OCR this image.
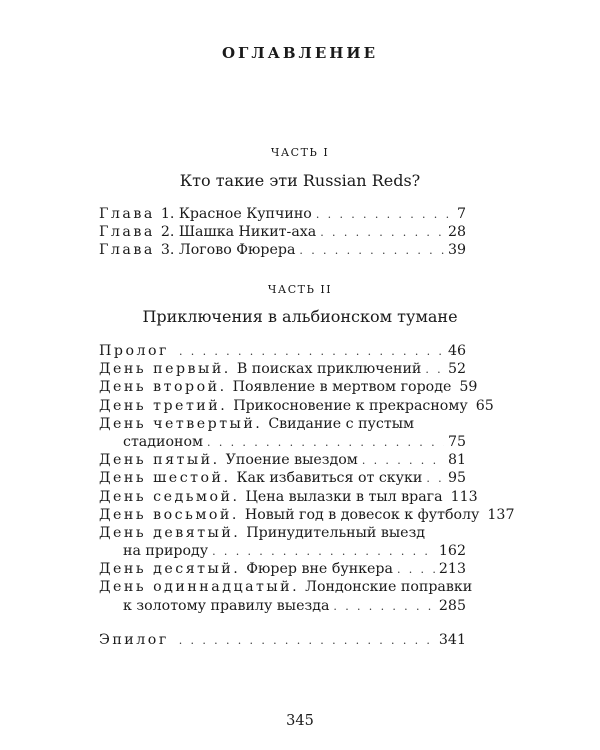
ОГЛАВЛЕНИЕ
ЧАСТЬ I
Кто такие эти Russian Reds?
Глава 1. Красное Купчино . . .	7
Глава 2. Шашка Никит-аха . . .	28
Глава 3. Логово Фюрера . . .	39
ЧАСТЬ II
Приключения в альбионском тумане
Пролог . . .	46
День первый. В поисках приключений . . . 52
День второй. Появление в мертвом городе 59
День третий. Прикосновение к прекрасному 65
День четвертый. Свидание с пустым
стадионом . . .	75
День пятый. Упоение выездом . . .	81
День шестой. Как избавиться от скуки . . . 95
День седьмой. Цена вылазки в тыл врага 113
День восьмой. Новый год в довесок к футболу 137
День девятый. Принудительный выезд
на природу . . .	162
День десятый. Фюрер вне бункера . . .	213
День одиннадцатый. Лондонские поправки
к золотому правилу выезда . . .	285
Эпилог . . .	341
345
